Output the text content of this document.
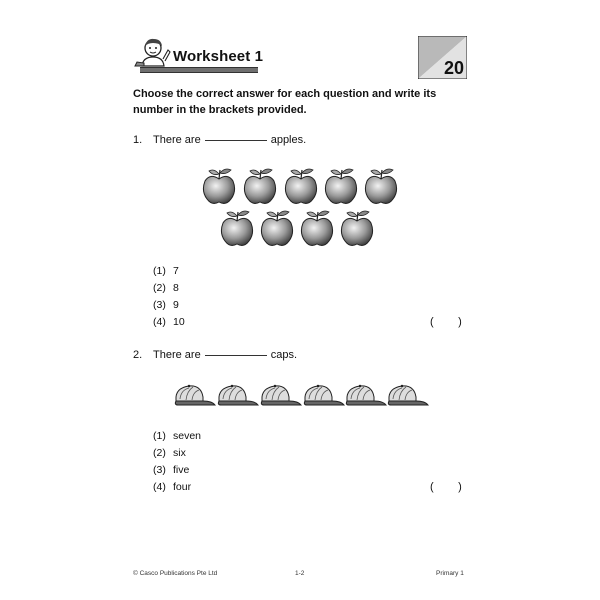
Worksheet 1
20
Choose the correct answer for each question and write its number in the brackets provided.
1. There are	apples.
(1) 7
(2) 8
(3) 9
(4) 10	(        )
2. There are	caps.
(1) seven
(2) six
(3) five
(4) four	(        )
© Casco Publications Pte Ltd	1-2	Primary 1
